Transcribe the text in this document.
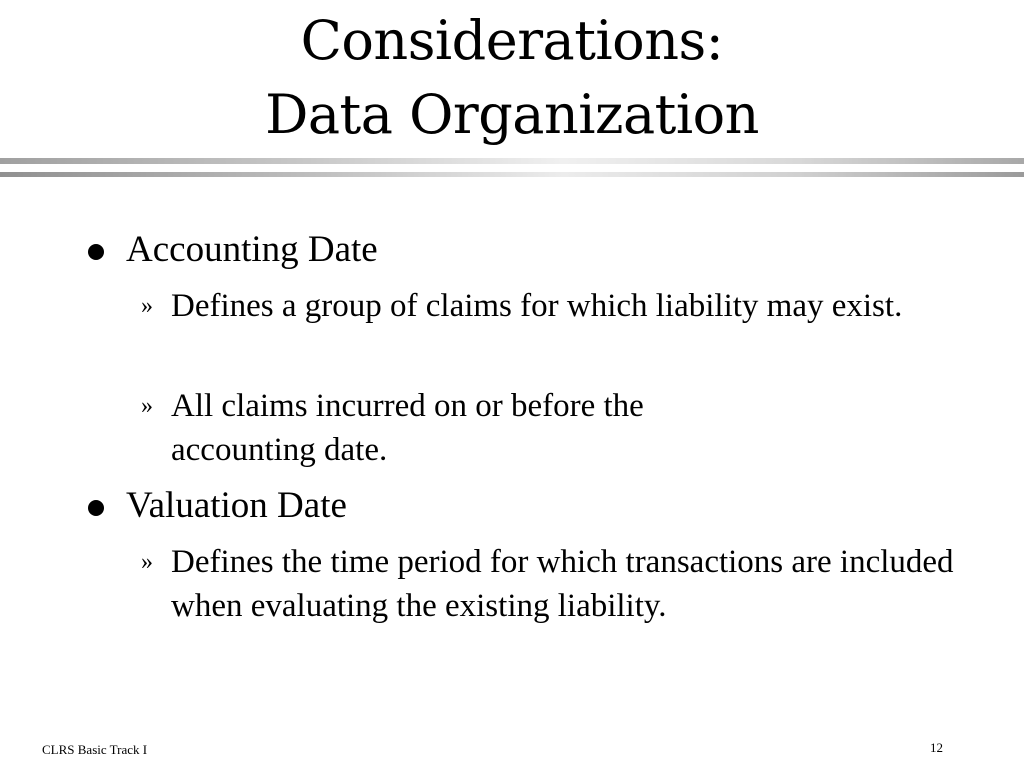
Considerations:
Data Organization
Accounting Date
» Defines a group of claims for which liability may exist.
» All claims incurred on or before the accounting date.
Valuation Date
» Defines the time period for which transactions are included when evaluating the existing liability.
CLRS Basic Track I	12
